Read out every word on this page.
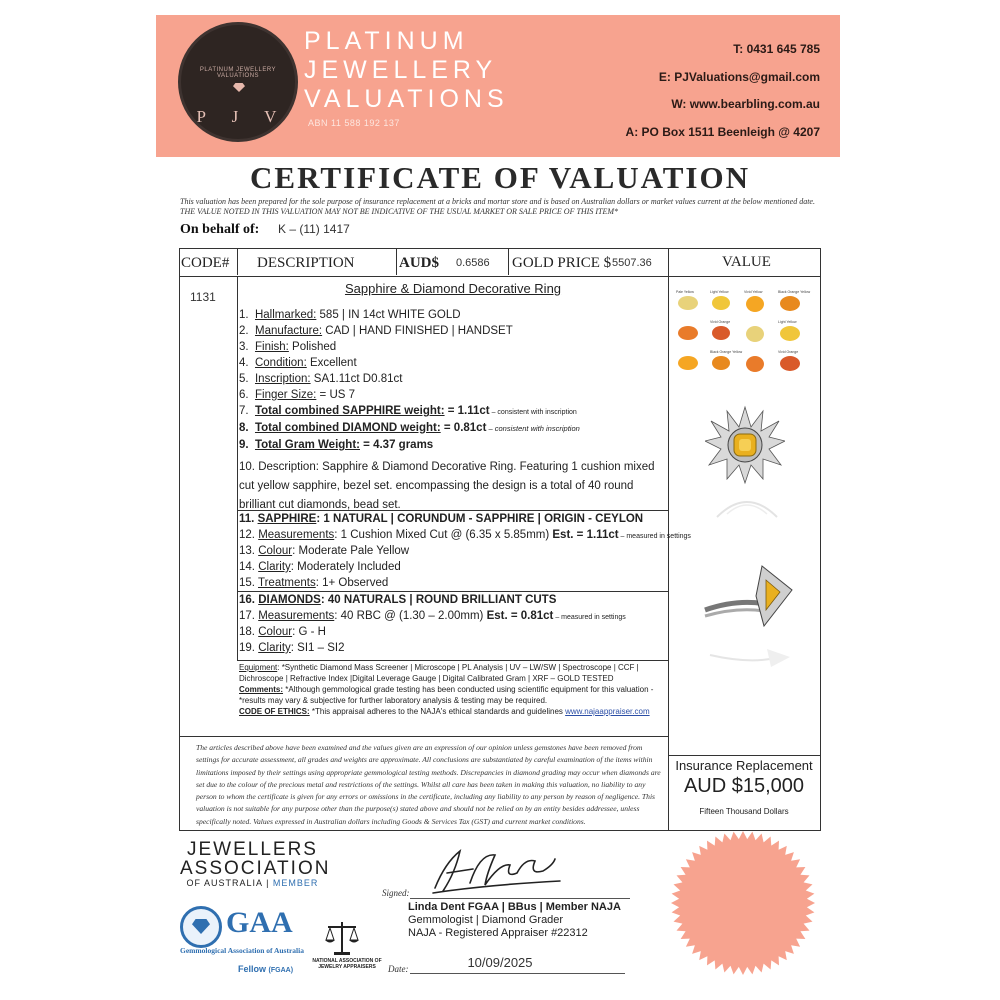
PLATINUM JEWELLERY VALUATIONS
P J V
PLATINUM
JEWELLERY
VALUATIONS
ABN 11 588 192 137
T: 0431 645 785
E: PJValuations@gmail.com
W: www.bearbling.com.au
A: PO Box 1511 Beenleigh @ 4207
CERTIFICATE OF VALUATION
This valuation has been prepared for the sole purpose of insurance replacement at a bricks and mortar store and is based on Australian dollars or market values current at the below mentioned date.
THE VALUE NOTED IN THIS VALUATION MAY NOT BE INDICATIVE OF THE USUAL MARKET OR SALE PRICE OF THIS ITEM*
On behalf of: K – (11) 1417
CODE# DESCRIPTION	AUD$ 0.6586 GOLD PRICE $ 5507.36	VALUE
1131
Sapphire & Diamond Decorative Ring
1. Hallmarked: 585 | IN 14ct WHITE GOLD
2. Manufacture: CAD | HAND FINISHED | HANDSET
3. Finish: Polished
4. Condition: Excellent
5. Inscription: SA1.11ct D0.81ct
6. Finger Size: = US 7
7. Total combined SAPPHIRE weight: = 1.11ct – consistent with inscription
8. Total combined DIAMOND weight: = 0.81ct – consistent with inscription
9. Total Gram Weight: = 4.37 grams
10. Description: Sapphire & Diamond Decorative Ring. Featuring 1 cushion mixed cut yellow sapphire, bezel set. encompassing the design is a total of 40 round brilliant cut diamonds, bead set.
11. SAPPHIRE: 1 NATURAL | CORUNDUM - SAPPHIRE | ORIGIN - CEYLON
12. Measurements: 1 Cushion Mixed Cut @ (6.35 x 5.85mm) Est. = 1.11ct – measured in settings
13. Colour: Moderate Pale Yellow
14. Clarity: Moderately Included
15. Treatments: 1+ Observed
16. DIAMONDS: 40 NATURALS | ROUND BRILLIANT CUTS
17. Measurements: 40 RBC @ (1.30 – 2.00mm) Est. = 0.81ct – measured in settings
18. Colour: G - H
19. Clarity: SI1 – SI2
Equipment: *Synthetic Diamond Mass Screener | Microscope | PL Analysis | UV – LW/SW | Spectroscope | CCF | Dichroscope | Refractive Index |Digital Leverage Gauge | Digital Calibrated Gram | XRF – GOLD TESTED
Comments: *Although gemmological grade testing has been conducted using scientific equipment for this valuation - *results may vary & subjective for further laboratory analysis & testing may be required.
CODE OF ETHICS: *This appraisal adheres to the NAJA's ethical standards and guidelines www.najaappraiser.com
The articles described above have been examined and the values given are an expression of our opinion unless gemstones have been removed from settings for accurate assessment, all grades and weights are approximate. All conclusions are substantiated by careful examination of the items within limitations imposed by their settings using appropriate gemmological testing methods. Discrepancies in diamond grading may occur when diamonds are set due to the colour of the precious metal and restrictions of the settings. Whilst all care has been taken in making this valuation, no liability to any person to whom the certificate is given for any errors or omissions in the certificate, including any liability to any person by reason of negligence. This valuation is not suitable for any purpose other than the purpose(s) stated above and should not be relied on by an entity besides addressee, unless specifically noted. Values expressed in Australian dollars including Goods & Services Tax (GST) and current market conditions.
Insurance Replacement
AUD $15,000
Fifteen Thousand Dollars
Pale Yellow	Light Yellow	Vivid Yellow	Black Orange Yellow
Vivid Orange	Light Yellow
Black Orange Yellow	Vivid Orange
JEWELLERS
ASSOCIATION
OF AUSTRALIA | MEMBER
GAA
Gemmological Association of Australia
Fellow (FGAA)
NATIONAL ASSOCIATION OF
JEWELRY APPRAISERS
Signed:
Linda Dent FGAA | BBus | Member NAJA
Gemmologist | Diamond Grader
NAJA - Registered Appraiser #22312
10/09/2025
Date:
